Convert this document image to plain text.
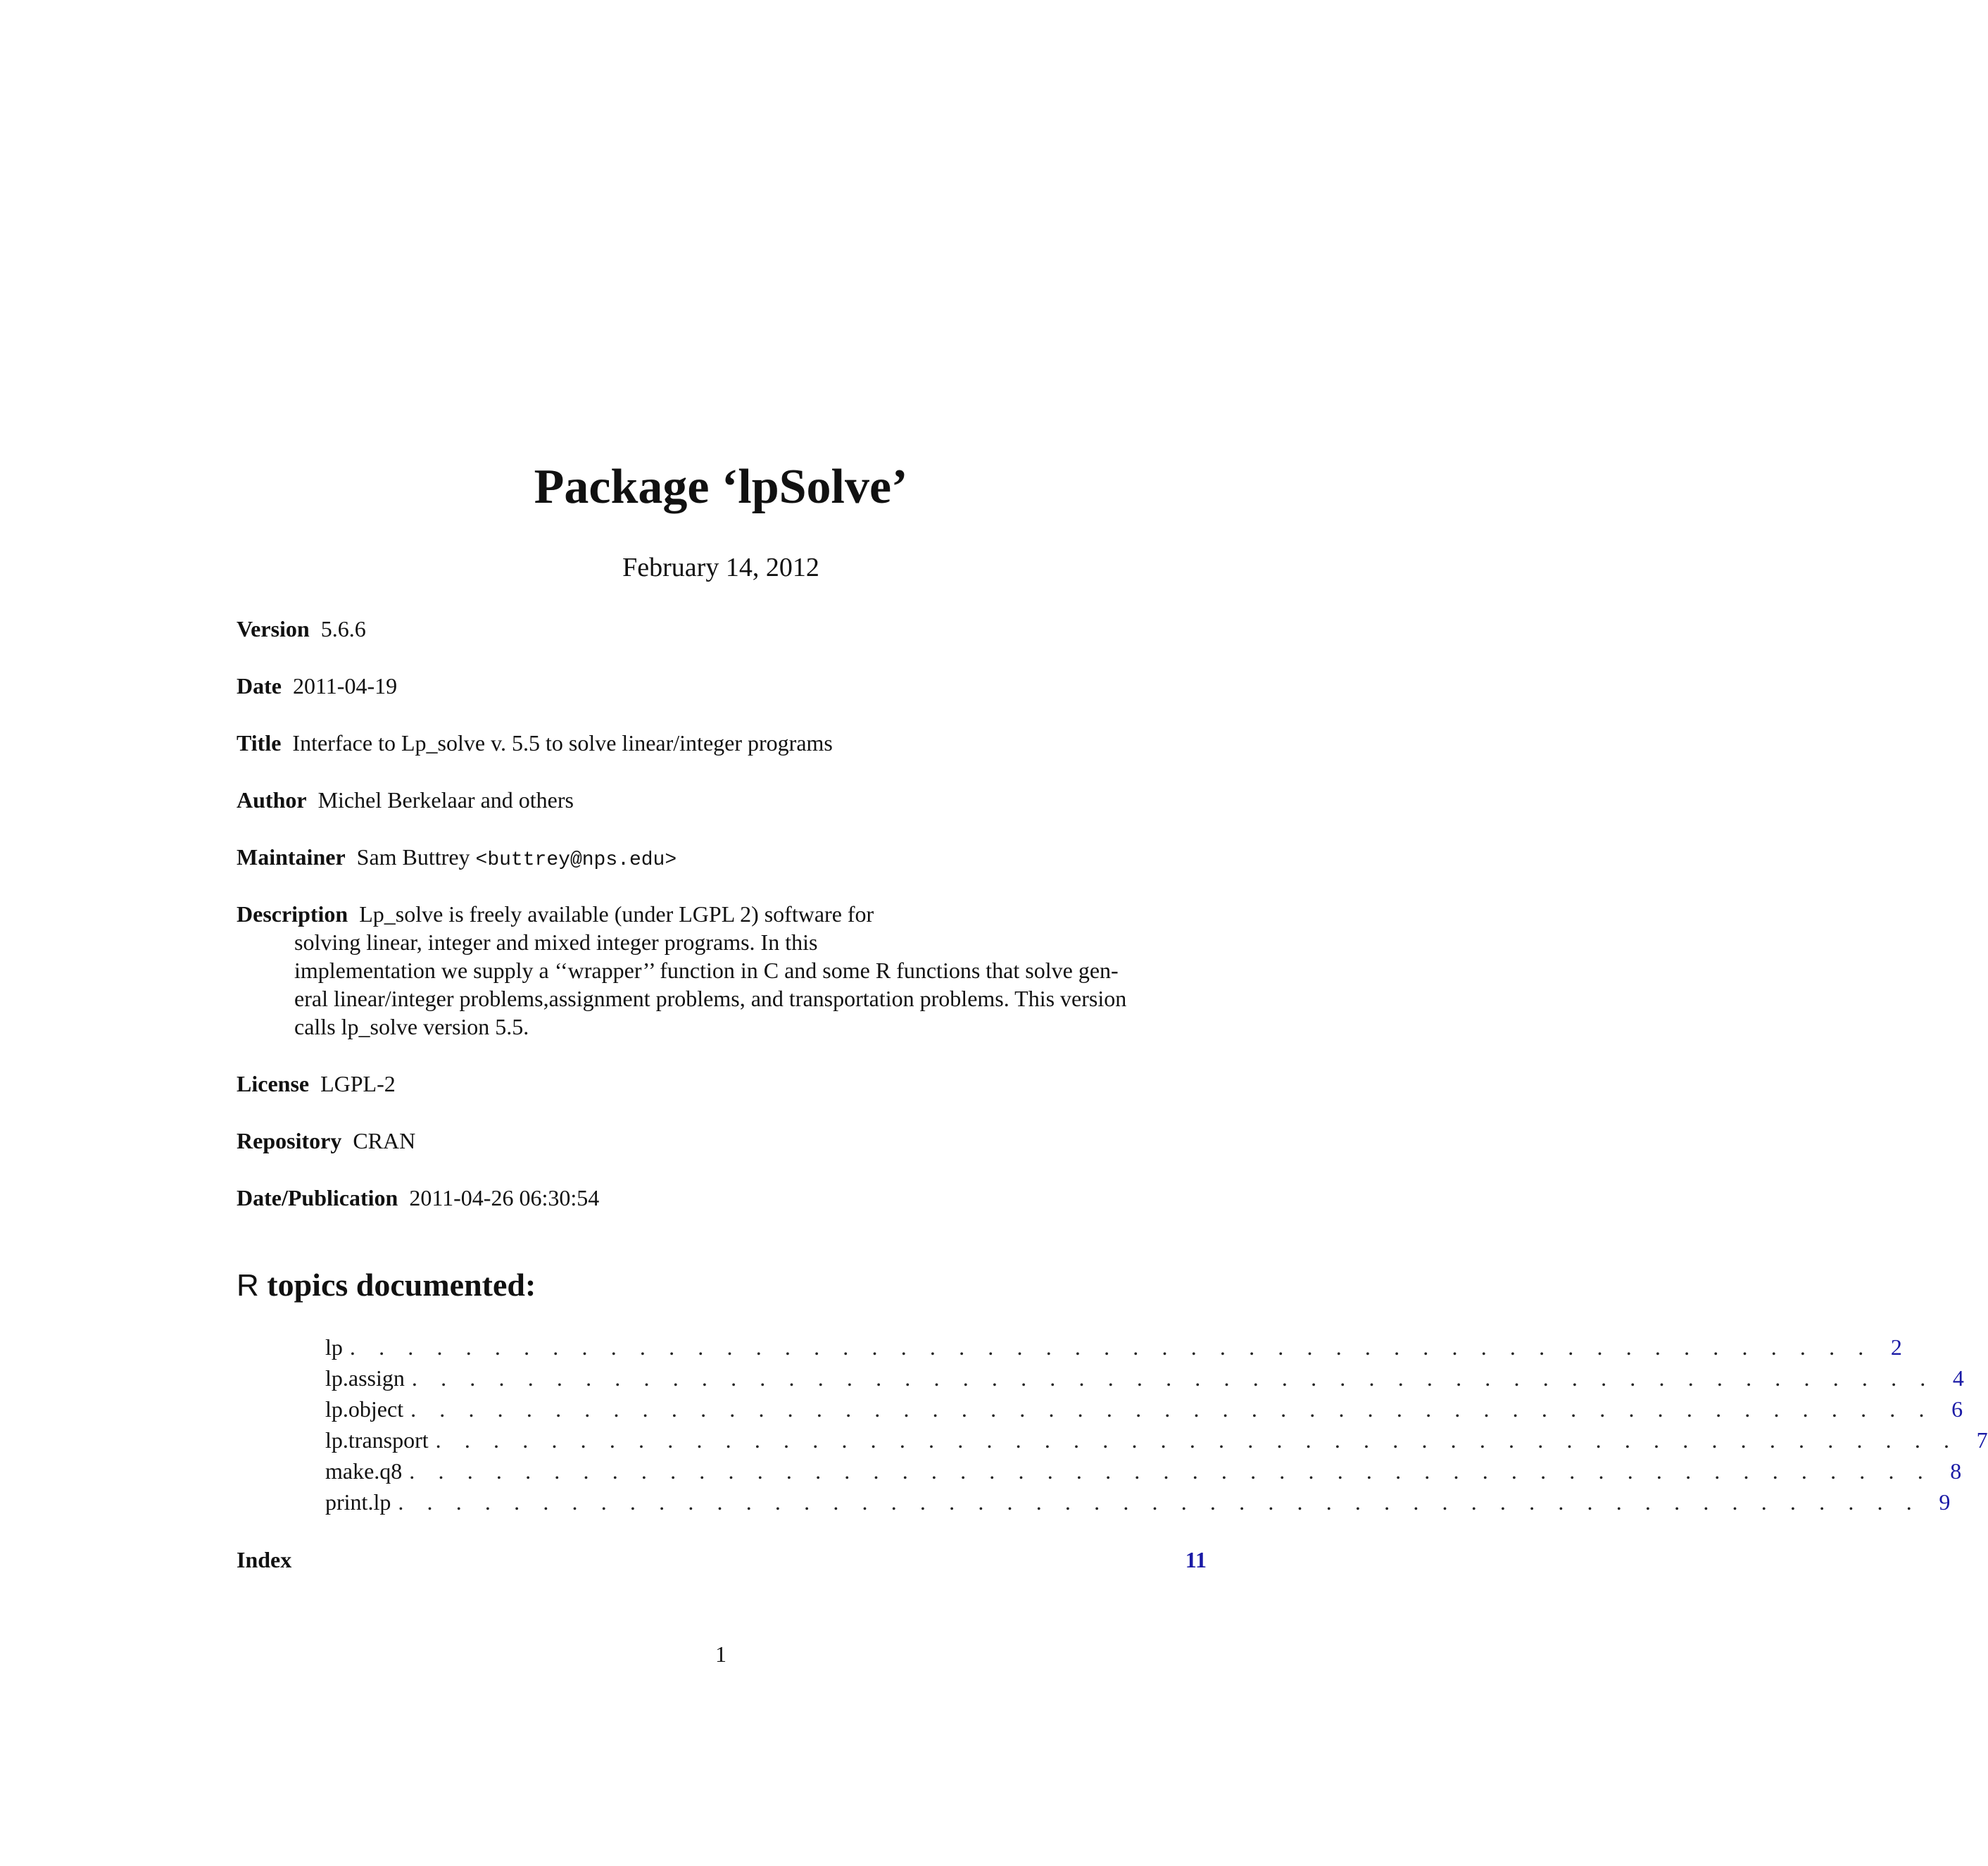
Package ‘lpSolve’
February 14, 2012
Version 5.6.6
Date 2011-04-19
Title Interface to Lp_solve v. 5.5 to solve linear/integer programs
Author Michel Berkelaar and others
Maintainer Sam Buttrey <buttrey@nps.edu>
Description Lp_solve is freely available (under LGPL 2) software for
solving linear, integer and mixed integer programs. In this
implementation we supply a ‘‘wrapper’’ function in C and some R functions that solve gen-
eral linear/integer problems,assignment problems, and transportation problems. This version
calls lp_solve version 5.5.
License LGPL-2
Repository CRAN
Date/Publication 2011-04-26 06:30:54
R topics documented:
lp . . . . . . . . . . . . . . . . . . . . . . . . . . . . . . . . . . . . . . . . . . . . . . . . . . . . . 2
lp.assign . . . . . . . . . . . . . . . . . . . . . . . . . . . . . . . . . . . . . . . . . . . . . . . . . . . . . 4
lp.object . . . . . . . . . . . . . . . . . . . . . . . . . . . . . . . . . . . . . . . . . . . . . . . . . . . . . 6
lp.transport . . . . . . . . . . . . . . . . . . . . . . . . . . . . . . . . . . . . . . . . . . . . . . . . . . . . . 7
make.q8 . . . . . . . . . . . . . . . . . . . . . . . . . . . . . . . . . . . . . . . . . . . . . . . . . . . . . 8
print.lp . . . . . . . . . . . . . . . . . . . . . . . . . . . . . . . . . . . . . . . . . . . . . . . . . . . . . 9
Index	11
1
